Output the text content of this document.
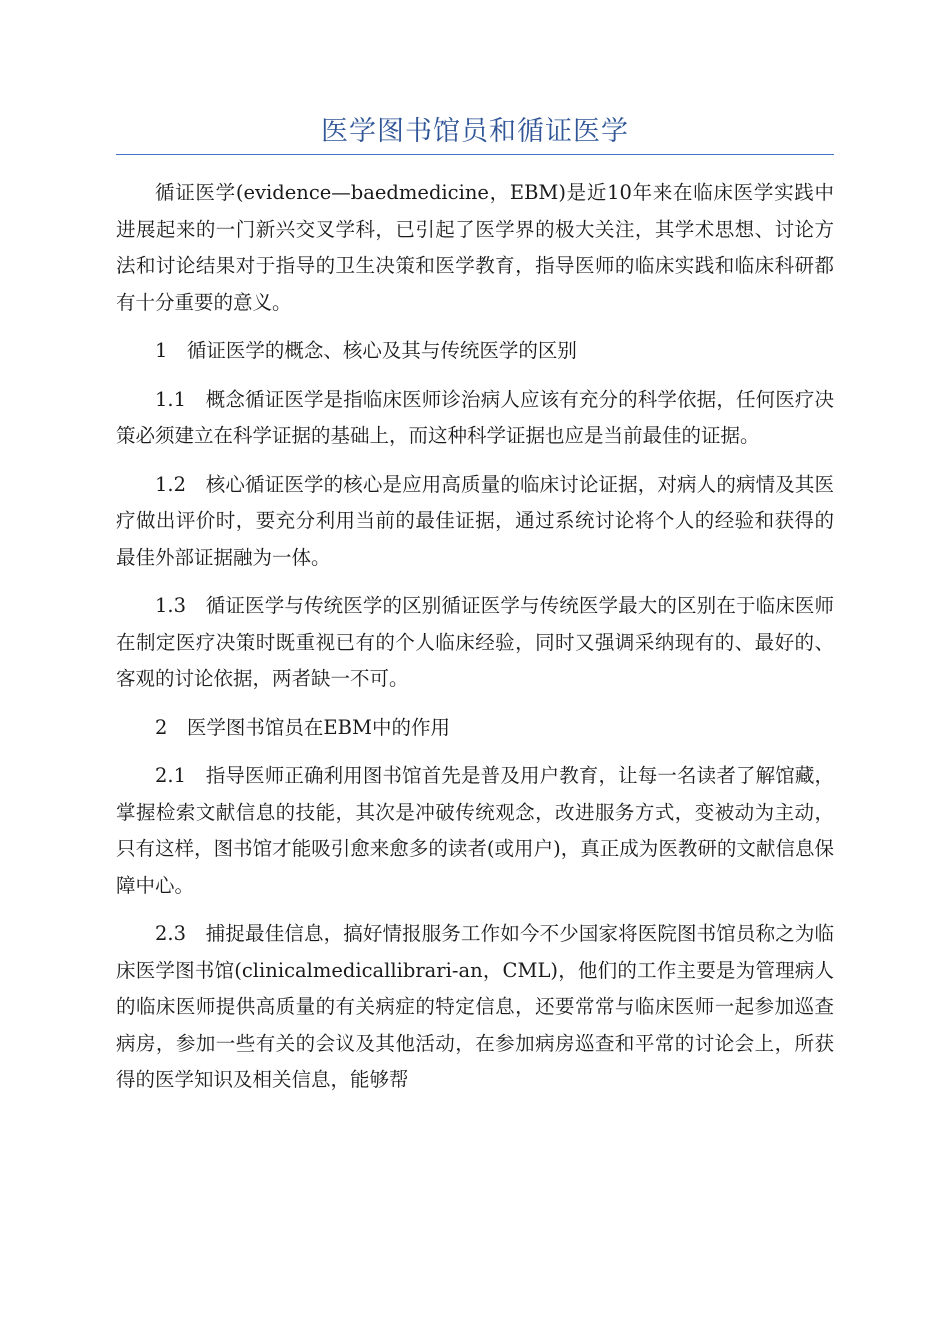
医学图书馆员和循证医学

循证医学(evidence—baedmedicine，EBM)是近10年来在临床医学实践中进展起来的一门新兴交叉学科，已引起了医学界的极大关注，其学术思想、讨论方法和讨论结果对于指导的卫生决策和医学教育，指导医师的临床实践和临床科研都有十分重要的意义。

1　循证医学的概念、核心及其与传统医学的区别

1.1　概念循证医学是指临床医师诊治病人应该有充分的科学依据，任何医疗决策必须建立在科学证据的基础上，而这种科学证据也应是当前最佳的证据。

1.2　核心循证医学的核心是应用高质量的临床讨论证据，对病人的病情及其医疗做出评价时，要充分利用当前的最佳证据，通过系统讨论将个人的经验和获得的最佳外部证据融为一体。

1.3　循证医学与传统医学的区别循证医学与传统医学最大的区别在于临床医师在制定医疗决策时既重视已有的个人临床经验，同时又强调采纳现有的、最好的、客观的讨论依据，两者缺一不可。

2　医学图书馆员在EBM中的作用

2.1　指导医师正确利用图书馆首先是普及用户教育，让每一名读者了解馆藏，掌握检索文献信息的技能，其次是冲破传统观念，改进服务方式，变被动为主动，只有这样，图书馆才能吸引愈来愈多的读者(或用户)，真正成为医教研的文献信息保障中心。

2.3　捕捉最佳信息，搞好情报服务工作如今不少国家将医院图书馆员称之为临床医学图书馆(clinicalmedicallibrari-an，CML)，他们的工作主要是为管理病人的临床医师提供高质量的有关病症的特定信息，还要常常与临床医师一起参加巡查病房，参加一些有关的会议及其他活动，在参加病房巡查和平常的讨论会上，所获得的医学知识及相关信息，能够帮
